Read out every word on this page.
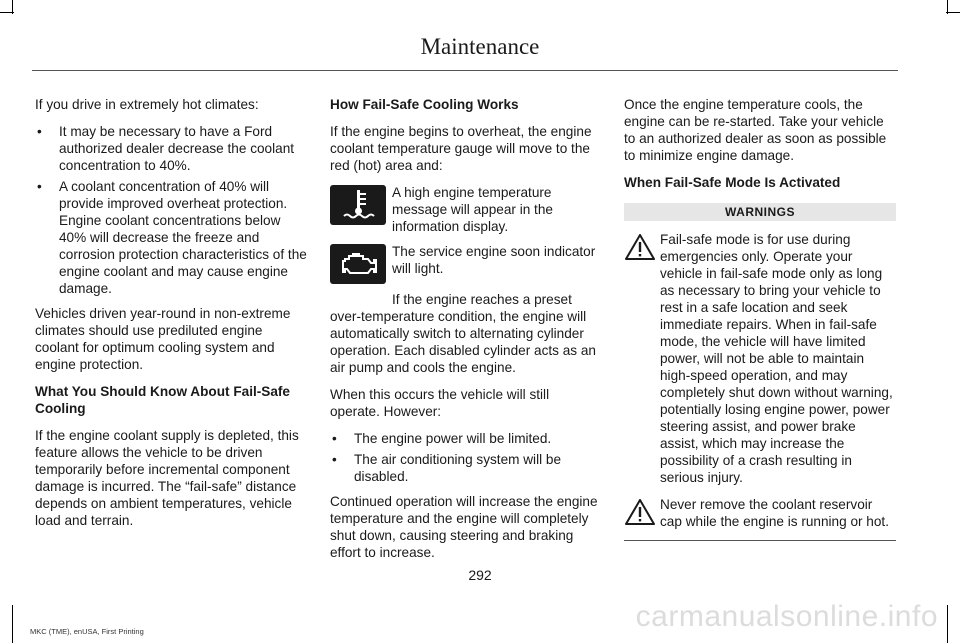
Maintenance

If you drive in extremely hot climates:

• It may be necessary to have a Ford authorized dealer decrease the coolant concentration to 40%.
• A coolant concentration of 40% will provide improved overheat protection. Engine coolant concentrations below 40% will decrease the freeze and corrosion protection characteristics of the engine coolant and may cause engine damage.

Vehicles driven year-round in non-extreme climates should use prediluted engine coolant for optimum cooling system and engine protection.

What You Should Know About Fail-Safe Cooling

If the engine coolant supply is depleted, this feature allows the vehicle to be driven temporarily before incremental component damage is incurred. The “fail-safe” distance depends on ambient temperatures, vehicle load and terrain.

How Fail-Safe Cooling Works

If the engine begins to overheat, the engine coolant temperature gauge will move to the red (hot) area and:

A high engine temperature message will appear in the information display.
The service engine soon indicator will light.
If the engine reaches a preset over-temperature condition, the engine will automatically switch to alternating cylinder operation. Each disabled cylinder acts as an air pump and cools the engine.

When this occurs the vehicle will still operate. However:

• The engine power will be limited.
• The air conditioning system will be disabled.

Continued operation will increase the engine temperature and the engine will completely shut down, causing steering and braking effort to increase.

Once the engine temperature cools, the engine can be re-started. Take your vehicle to an authorized dealer as soon as possible to minimize engine damage.

When Fail-Safe Mode Is Activated
WARNINGS
Fail-safe mode is for use during emergencies only. Operate your vehicle in fail-safe mode only as long as necessary to bring your vehicle to rest in a safe location and seek immediate repairs. When in fail-safe mode, the vehicle will have limited power, will not be able to maintain high-speed operation, and may completely shut down without warning, potentially losing engine power, power steering assist, and power brake assist, which may increase the possibility of a crash resulting in serious injury.
Never remove the coolant reservoir cap while the engine is running or hot.
292
MKC (TME), enUSA, First Printing	carmanualsonline.info
